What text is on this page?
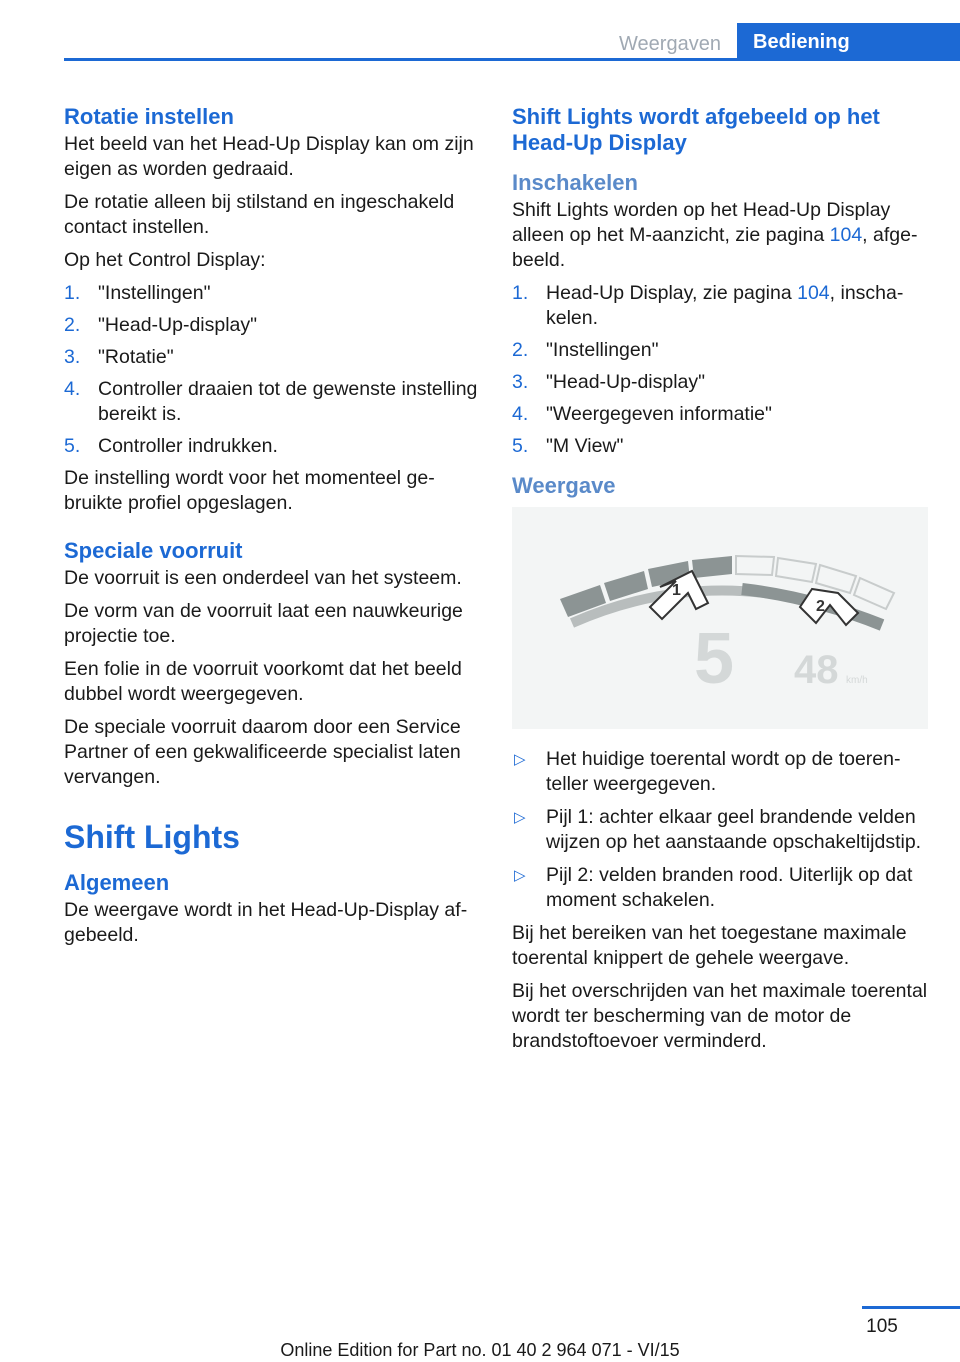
Weergaven	Bediening
Rotatie instellen

Het beeld van het Head-Up Display kan om zijn eigen as worden gedraaid.

De rotatie alleen bij stilstand en ingeschakeld contact instellen.

Op het Control Display:

1. "Instellingen"
2. "Head-Up-display"
3. "Rotatie"
4. Controller draaien tot de gewenste instelling bereikt is.
5. Controller indrukken.

De instelling wordt voor het momenteel gebruikte profiel opgeslagen.

Speciale voorruit

De voorruit is een onderdeel van het systeem.

De vorm van de voorruit laat een nauwkeurige projectie toe.

Een folie in de voorruit voorkomt dat het beeld dubbel wordt weergegeven.

De speciale voorruit daarom door een Service Partner of een gekwalificeerde specialist laten vervangen.

Shift Lights
Algemeen

De weergave wordt in het Head-Up-Display afgebeeld.

Shift Lights wordt afgebeeld op het Head-Up Display
Inschakelen

Shift Lights worden op het Head-Up Display alleen op het M-aanzicht, zie pagina 104, afgebeeld.

1. Head-Up Display, zie pagina 104, inschakelen.
2. "Instellingen"
3. "Head-Up-display"
4. "Weergegeven informatie"
5. "M View"
Weergave
1
2
5 48 km/h
▷ Het huidige toerental wordt op de toerenteller weergegeven.
▷ Pijl 1: achter elkaar geel brandende velden wijzen op het aanstaande opschakeltijdstip.
▷ Pijl 2: velden branden rood. Uiterlijk op dat moment schakelen.

Bij het bereiken van het toegestane maximale toerental knippert de gehele weergave.

Bij het overschrijden van het maximale toerental wordt ter bescherming van de motor de brandstoftoevoer verminderd.

105
Online Edition for Part no. 01 40 2 964 071 - VI/15
